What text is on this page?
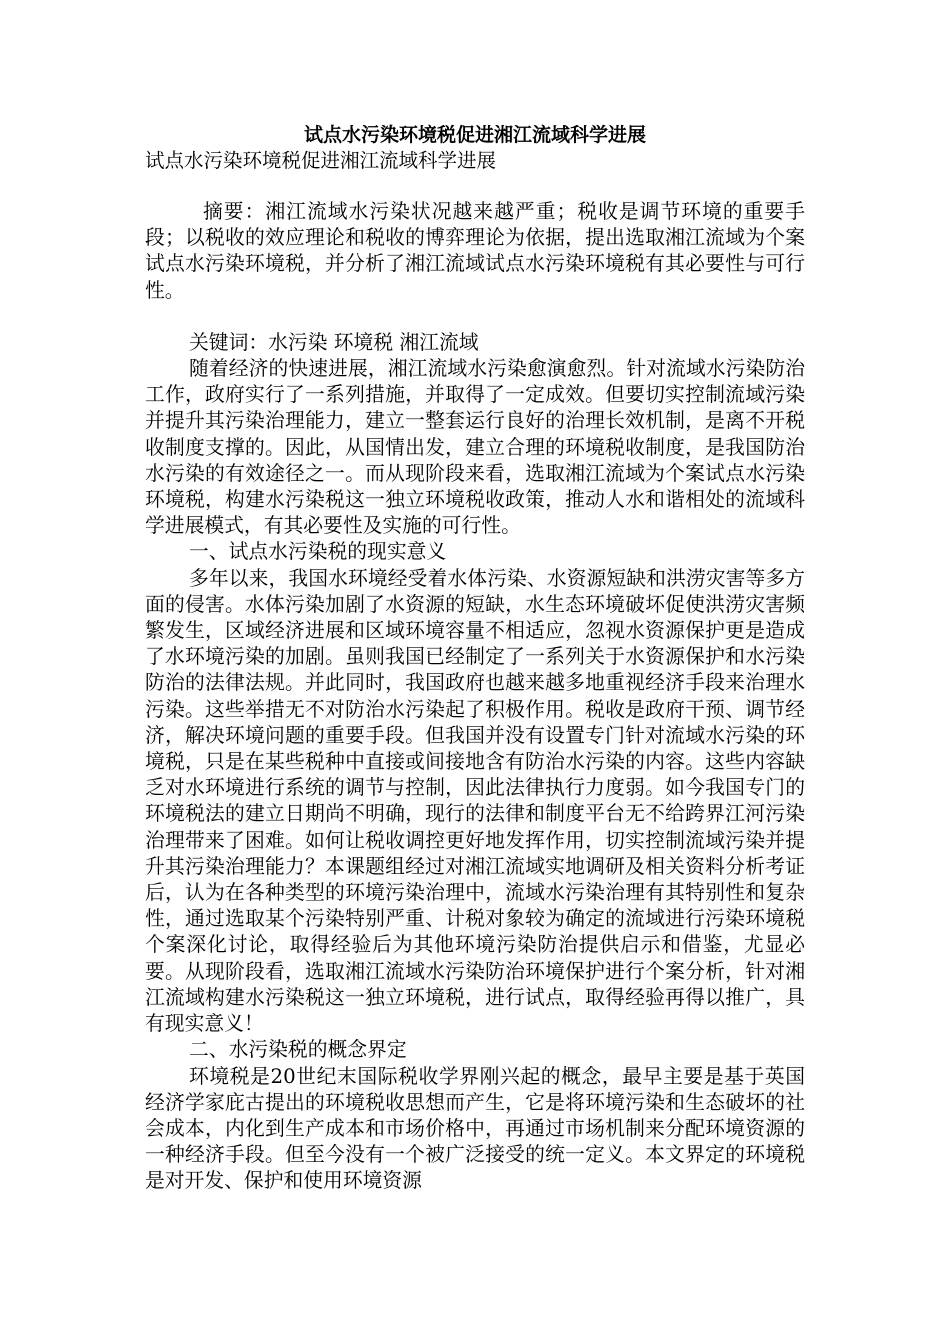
试点水污染环境税促进湘江流域科学进展

试点水污染环境税促进湘江流域科学进展

摘要：湘江流域水污染状况越来越严重；税收是调节环境的重要手段；以税收的效应理论和税收的博弈理论为依据，提出选取湘江流域为个案试点水污染环境税，并分析了湘江流域试点水污染环境税有其必要性与可行性。

关键词：水污染 环境税 湘江流域

随着经济的快速进展，湘江流域水污染愈演愈烈。针对流域水污染防治工作，政府实行了一系列措施，并取得了一定成效。但要切实控制流域污染并提升其污染治理能力，建立一整套运行良好的治理长效机制，是离不开税收制度支撑的。因此，从国情出发，建立合理的环境税收制度，是我国防治水污染的有效途径之一。而从现阶段来看，选取湘江流域为个案试点水污染环境税，构建水污染税这一独立环境税收政策，推动人水和谐相处的流域科学进展模式，有其必要性及实施的可行性。

一、试点水污染税的现实意义

多年以来，我国水环境经受着水体污染、水资源短缺和洪涝灾害等多方面的侵害。水体污染加剧了水资源的短缺，水生态环境破坏促使洪涝灾害频繁发生，区域经济进展和区域环境容量不相适应，忽视水资源保护更是造成了水环境污染的加剧。虽则我国已经制定了一系列关于水资源保护和水污染防治的法律法规。并此同时，我国政府也越来越多地重视经济手段来治理水污染。这些举措无不对防治水污染起了积极作用。税收是政府干预、调节经济，解决环境问题的重要手段。但我国并没有设置专门针对流域水污染的环境税，只是在某些税种中直接或间接地含有防治水污染的内容。这些内容缺乏对水环境进行系统的调节与控制，因此法律执行力度弱。如今我国专门的环境税法的建立日期尚不明确，现行的法律和制度平台无不给跨界江河污染治理带来了困难。如何让税收调控更好地发挥作用，切实控制流域污染并提升其污染治理能力？本课题组经过对湘江流域实地调研及相关资料分析考证后，认为在各种类型的环境污染治理中，流域水污染治理有其特别性和复杂性，通过选取某个污染特别严重、计税对象较为确定的流域进行污染环境税个案深化讨论，取得经验后为其他环境污染防治提供启示和借鉴，尤显必要。从现阶段看，选取湘江流域水污染防治环境保护进行个案分析，针对湘江流域构建水污染税这一独立环境税，进行试点，取得经验再得以推广，具有现实意义！

二、水污染税的概念界定

环境税是20世纪末国际税收学界刚兴起的概念，最早主要是基于英国经济学家庇古提出的环境税收思想而产生，它是将环境污染和生态破坏的社会成本，内化到生产成本和市场价格中，再通过市场机制来分配环境资源的一种经济手段。但至今没有一个被广泛接受的统一定义。本文界定的环境税是对开发、保护和使用环境资源
